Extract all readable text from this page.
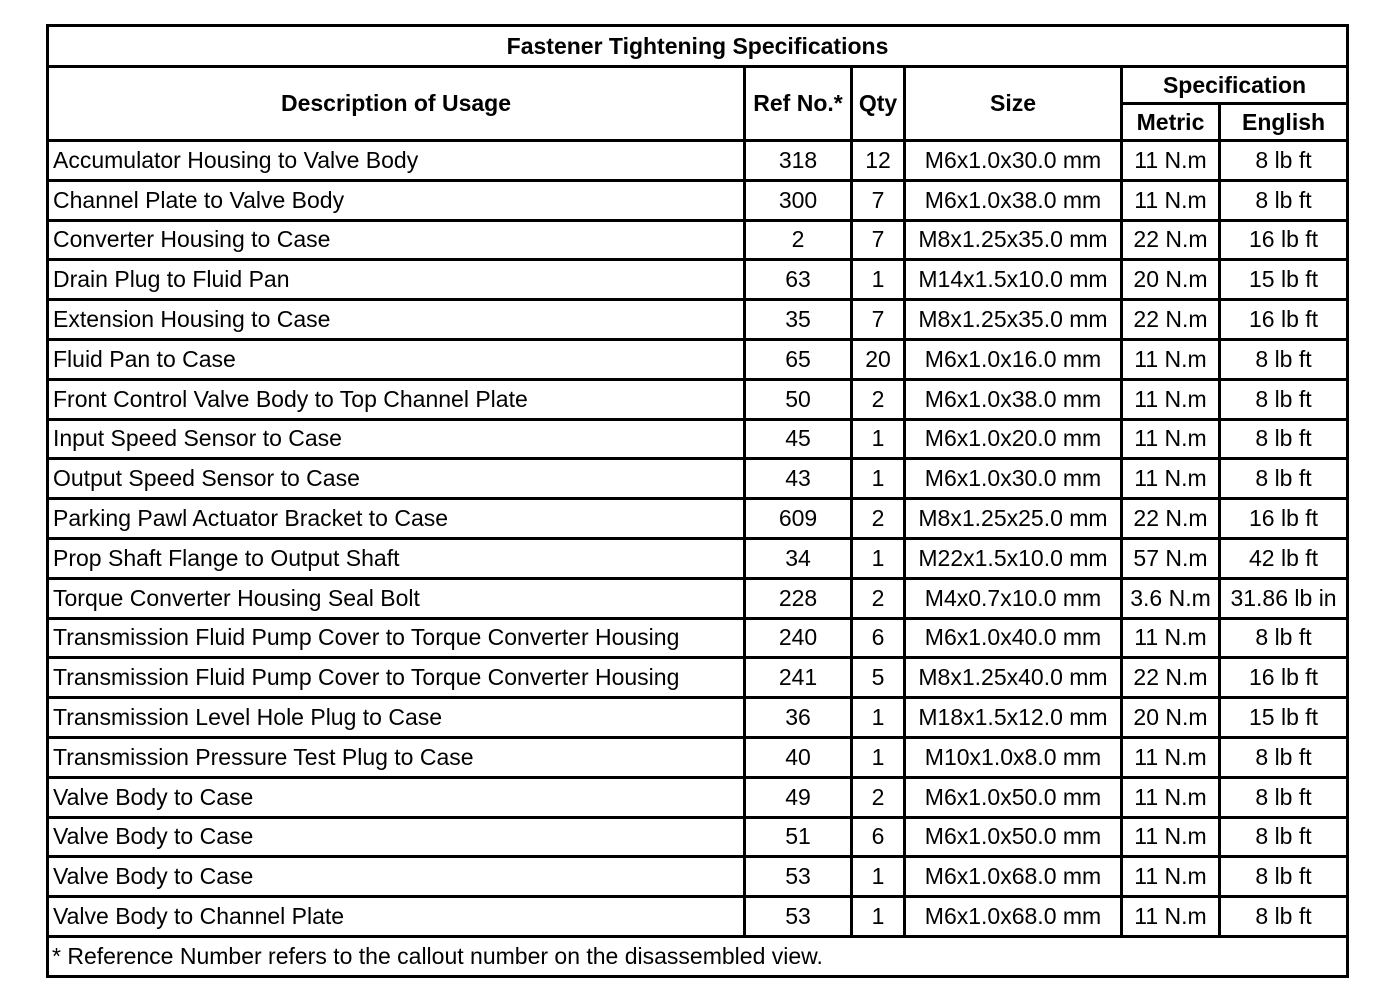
Fastener Tightening Specifications					
Description of Usage	Ref No.*	Qty	Size	Specification	
				Metric	English
Accumulator Housing to Valve Body	318	12	M6x1.0x30.0 mm	11 N.m	8 lb ft
Channel Plate to Valve Body	300	7	M6x1.0x38.0 mm	11 N.m	8 lb ft
Converter Housing to Case	2	7	M8x1.25x35.0 mm	22 N.m	16 lb ft
Drain Plug to Fluid Pan	63	1	M14x1.5x10.0 mm	20 N.m	15 lb ft
Extension Housing to Case	35	7	M8x1.25x35.0 mm	22 N.m	16 lb ft
Fluid Pan to Case	65	20	M6x1.0x16.0 mm	11 N.m	8 lb ft
Front Control Valve Body to Top Channel Plate	50	2	M6x1.0x38.0 mm	11 N.m	8 lb ft
Input Speed Sensor to Case	45	1	M6x1.0x20.0 mm	11 N.m	8 lb ft
Output Speed Sensor to Case	43	1	M6x1.0x30.0 mm	11 N.m	8 lb ft
Parking Pawl Actuator Bracket to Case	609	2	M8x1.25x25.0 mm	22 N.m	16 lb ft
Prop Shaft Flange to Output Shaft	34	1	M22x1.5x10.0 mm	57 N.m	42 lb ft
Torque Converter Housing Seal Bolt	228	2	M4x0.7x10.0 mm	3.6 N.m	31.86 lb in
Transmission Fluid Pump Cover to Torque Converter Housing	240	6	M6x1.0x40.0 mm	11 N.m	8 lb ft
Transmission Fluid Pump Cover to Torque Converter Housing	241	5	M8x1.25x40.0 mm	22 N.m	16 lb ft
Transmission Level Hole Plug to Case	36	1	M18x1.5x12.0 mm	20 N.m	15 lb ft
Transmission Pressure Test Plug to Case	40	1	M10x1.0x8.0 mm	11 N.m	8 lb ft
Valve Body to Case	49	2	M6x1.0x50.0 mm	11 N.m	8 lb ft
Valve Body to Case	51	6	M6x1.0x50.0 mm	11 N.m	8 lb ft
Valve Body to Case	53	1	M6x1.0x68.0 mm	11 N.m	8 lb ft
Valve Body to Channel Plate	53	1	M6x1.0x68.0 mm	11 N.m	8 lb ft
* Reference Number refers to the callout number on the disassembled view.					
